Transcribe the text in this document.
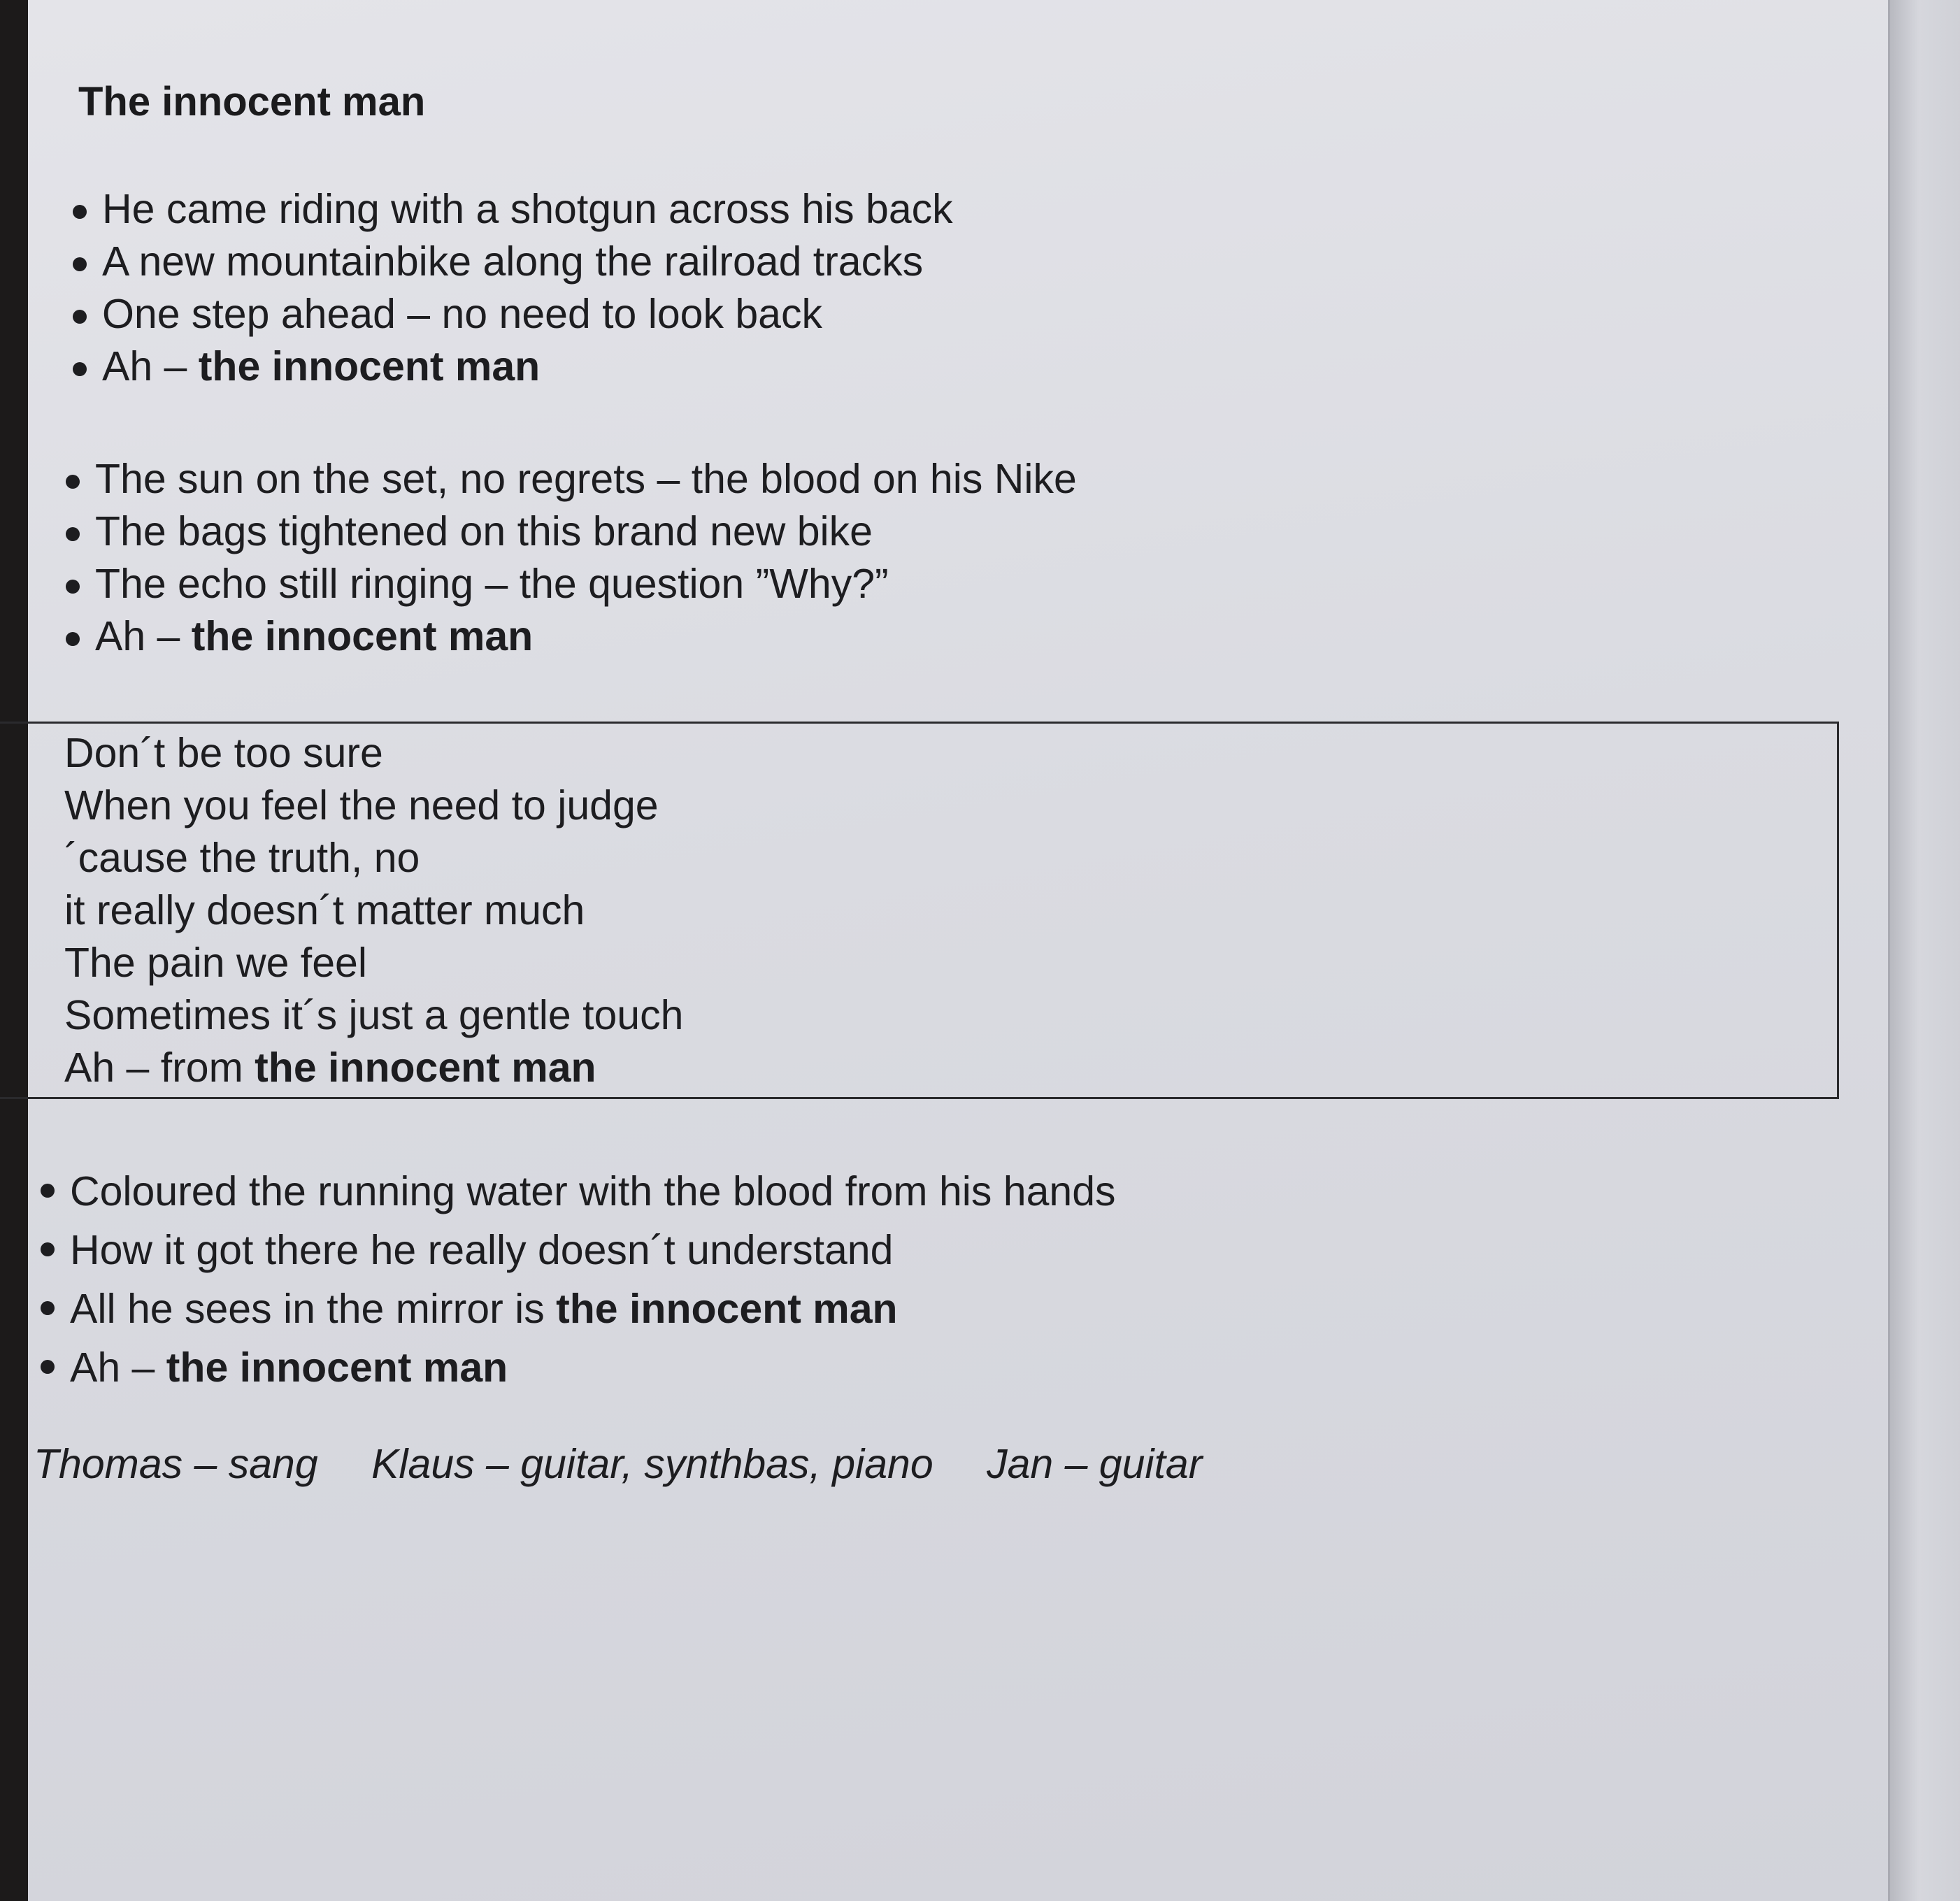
The innocent man
He came riding with a shotgun across his back
A new mountainbike along the railroad tracks
One step ahead – no need to look back
Ah – the innocent man
The sun on the set, no regrets – the blood on his Nike
The bags tightened on this brand new bike
The echo still ringing – the question ”Why?”
Ah – the innocent man
Don´t be too sure
When you feel the need to judge
´cause the truth, no
it really doesn´t matter much
The pain we feel
Sometimes it´s just a gentle touch
Ah – from the innocent man
Coloured the running water with the blood from his hands
How it got there he really doesn´t understand
All he sees in the mirror is the innocent man
Ah – the innocent man
Thomas – sang Klaus – guitar, synthbas, piano Jan – guitar
